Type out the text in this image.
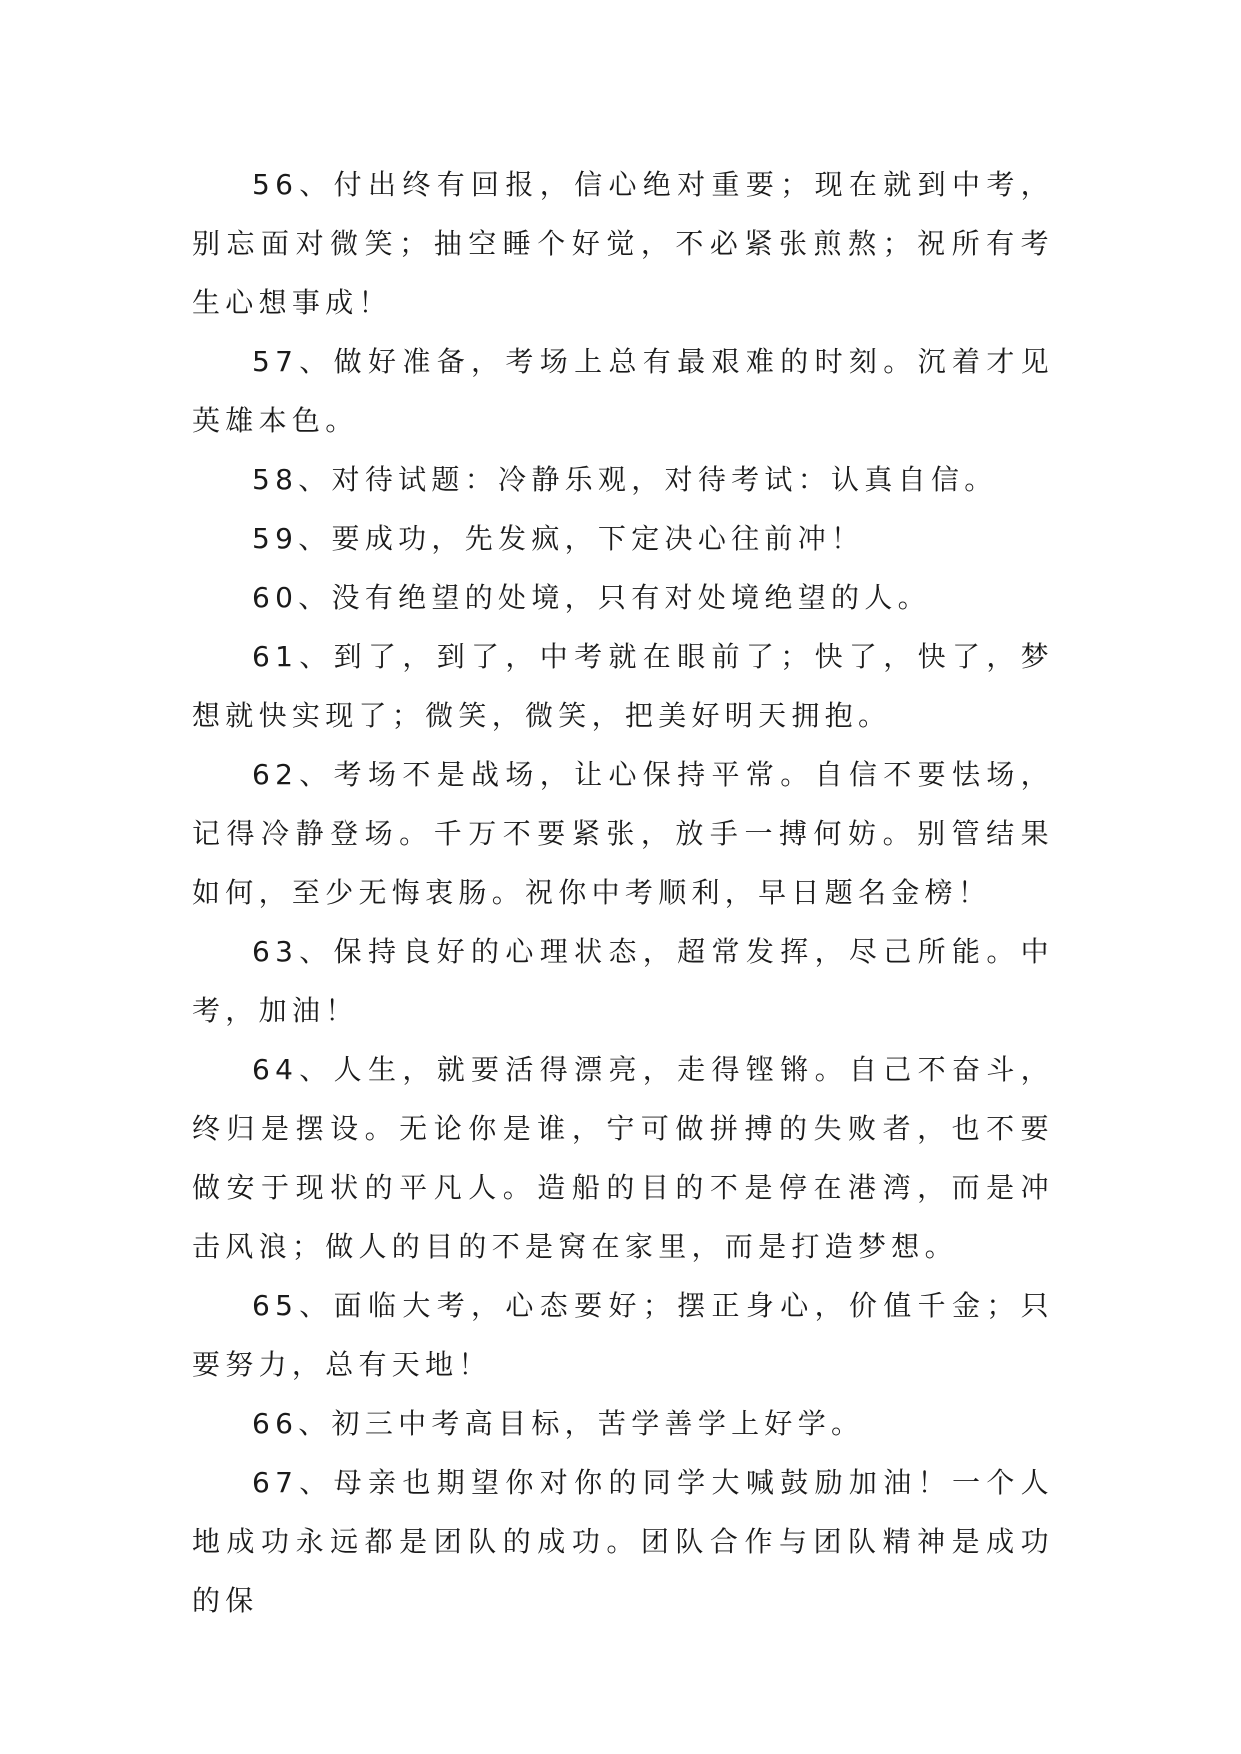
56、付出终有回报，信心绝对重要；现在就到中考，别忘面对微笑；抽空睡个好觉，不必紧张煎熬；祝所有考生心想事成！

57、做好准备，考场上总有最艰难的时刻。沉着才见英雄本色。

58、对待试题：冷静乐观，对待考试：认真自信。

59、要成功，先发疯，下定决心往前冲！

60、没有绝望的处境，只有对处境绝望的人。

61、到了，到了，中考就在眼前了；快了，快了，梦想就快实现了；微笑，微笑，把美好明天拥抱。

62、考场不是战场，让心保持平常。自信不要怯场，记得冷静登场。千万不要紧张，放手一搏何妨。别管结果如何，至少无悔衷肠。祝你中考顺利，早日题名金榜！

63、保持良好的心理状态，超常发挥，尽己所能。中考，加油！

64、人生，就要活得漂亮，走得铿锵。自己不奋斗，终归是摆设。无论你是谁，宁可做拼搏的失败者，也不要做安于现状的平凡人。造船的目的不是停在港湾，而是冲击风浪；做人的目的不是窝在家里，而是打造梦想。

65、面临大考，心态要好；摆正身心，价值千金；只要努力，总有天地！

66、初三中考高目标，苦学善学上好学。

67、母亲也期望你对你的同学大喊鼓励加油！一个人地成功永远都是团队的成功。团队合作与团队精神是成功的保
